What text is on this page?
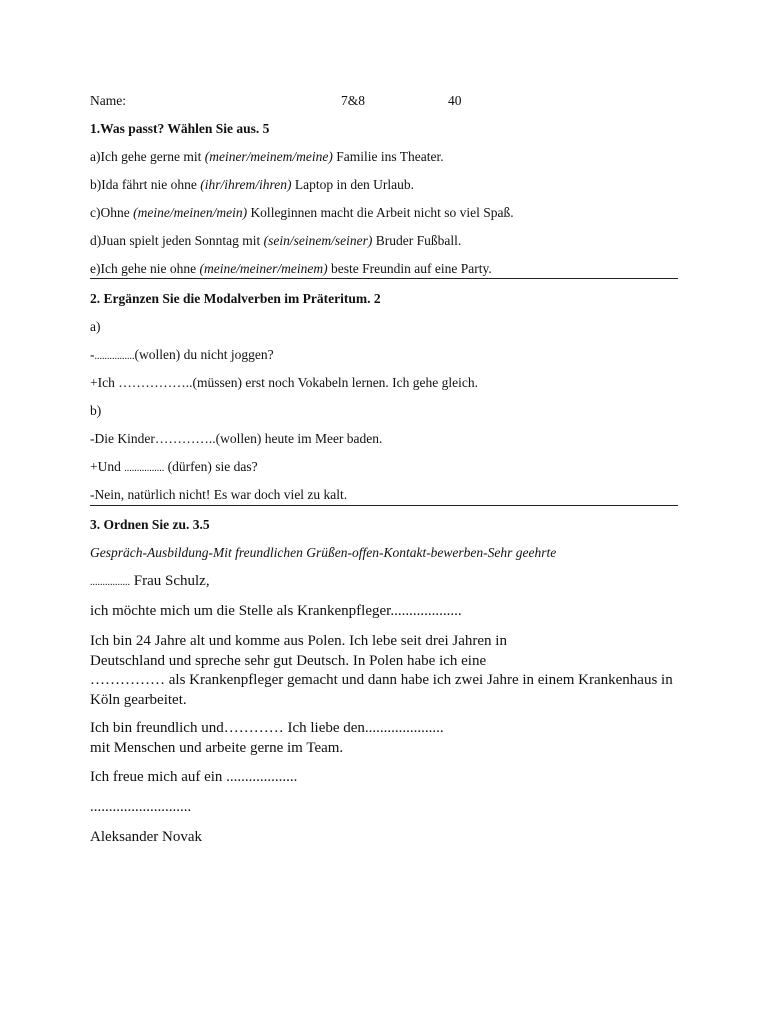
Name:	7&8	40
1.Was passt? Wählen Sie aus. 5
a)Ich gehe gerne mit (meiner/meinem/meine) Familie ins Theater.
b)Ida fährt nie ohne (ihr/ihrem/ihren) Laptop in den Urlaub.
c)Ohne (meine/meinen/mein) Kolleginnen macht die Arbeit nicht so viel Spaß.
d)Juan spielt jeden Sonntag mit (sein/seinem/seiner) Bruder Fußball.
e)Ich gehe nie ohne (meine/meiner/meinem) beste Freundin auf eine Party.
2. Ergänzen Sie die Modalverben im Präteritum. 2
a)
-................(wollen) du nicht joggen?
+Ich ……………..(müssen) erst noch Vokabeln lernen. Ich gehe gleich.
b)
-Die Kinder…………..(wollen) heute im Meer baden.
+Und ................ (dürfen) sie das?
-Nein, natürlich nicht! Es war doch viel zu kalt.
3. Ordnen Sie zu. 3.5
Gespräch-Ausbildung-Mit freundlichen Grüßen-offen-Kontakt-bewerben-Sehr geehrte
................ Frau Schulz,
ich möchte mich um die Stelle als Krankenpfleger...................
Ich bin 24 Jahre alt und komme aus Polen. Ich lebe seit drei Jahren in
Deutschland und spreche sehr gut Deutsch. In Polen habe ich eine
…………… als Krankenpfleger gemacht und dann habe ich zwei Jahre in einem Krankenhaus in
Köln gearbeitet.
Ich bin freundlich und………… Ich liebe den.....................
mit Menschen und arbeite gerne im Team.
Ich freue mich auf ein ...................
...........................
Aleksander Novak
